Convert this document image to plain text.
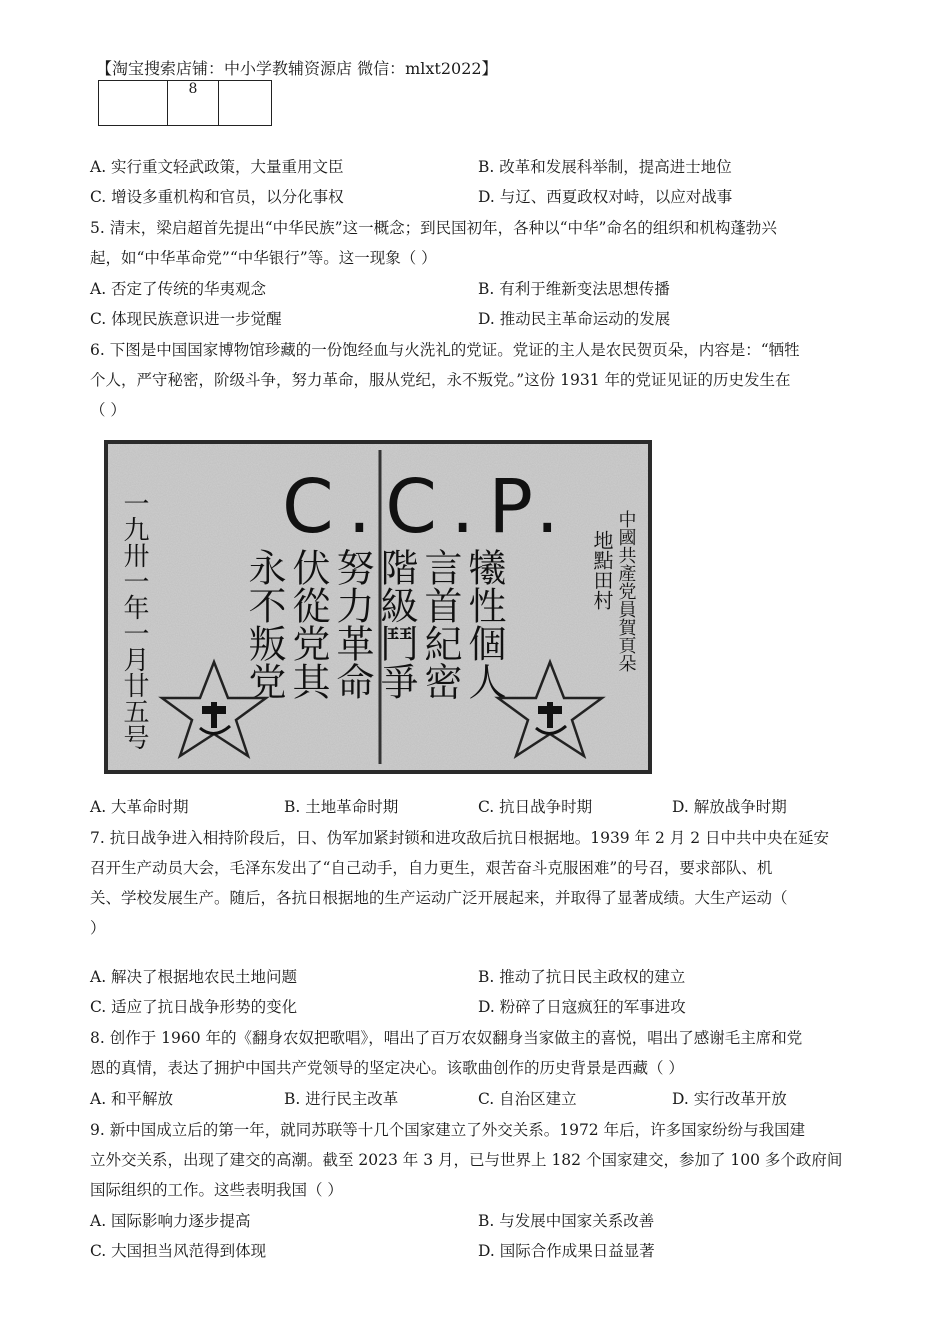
【淘宝搜索店铺：中小学教辅资源店 微信：mlxt2022】
	8	
A. 实行重文轻武政策，大量重用文臣	B. 改革和发展科举制，提高进士地位
C. 增设多重机构和官员，以分化事权	D. 与辽、西夏政权对峙，以应对战事
5. 清末，梁启超首先提出“中华民族”这一概念；到民国初年，各种以“中华”命名的组织和机构蓬勃兴
起，如“中华革命党”“中华银行”等。这一现象（ ）
A. 否定了传统的华夷观念	B. 有利于维新变法思想传播
C. 体现民族意识进一步觉醒	D. 推动民主革命运动的发展
6. 下图是中国国家博物馆珍藏的一份饱经血与火洗礼的党证。党证的主人是农民贺页朵，内容是：“牺牲
个人，严守秘密，阶级斗争，努力革命，服从党纪，永不叛党。”这份 1931 年的党证见证的历史发生在
（ ）
C.C.P.
一九卅一年一月廿五号	犧性個人
言首紀密
階級鬥爭
努力革命
伏從党其
永不叛党	中國共產党員賀頁朵
地點田村
A. 大革命时期	B. 土地革命时期	C. 抗日战争时期	D. 解放战争时期
7. 抗日战争进入相持阶段后，日、伪军加紧封锁和进攻敌后抗日根据地。1939 年 2 月 2 日中共中央在延安
召开生产动员大会，毛泽东发出了“自己动手，自力更生，艰苦奋斗克服困难”的号召，要求部队、机
关、学校发展生产。随后，各抗日根据地的生产运动广泛开展起来，并取得了显著成绩。大生产运动（
）
A. 解决了根据地农民土地问题	B. 推动了抗日民主政权的建立
C. 适应了抗日战争形势的变化	D. 粉碎了日寇疯狂的军事进攻
8. 创作于 1960 年的《翻身农奴把歌唱》，唱出了百万农奴翻身当家做主的喜悦，唱出了感谢毛主席和党
恩的真情，表达了拥护中国共产党领导的坚定决心。该歌曲创作的历史背景是西藏（ ）
A. 和平解放	B. 进行民主改革	C. 自治区建立	D. 实行改革开放
9. 新中国成立后的第一年，就同苏联等十几个国家建立了外交关系。1972 年后，许多国家纷纷与我国建
立外交关系，出现了建交的高潮。截至 2023 年 3 月，已与世界上 182 个国家建交，参加了 100 多个政府间
国际组织的工作。这些表明我国（ ）
A. 国际影响力逐步提高	B. 与发展中国家关系改善
C. 大国担当风范得到体现	D. 国际合作成果日益显著
